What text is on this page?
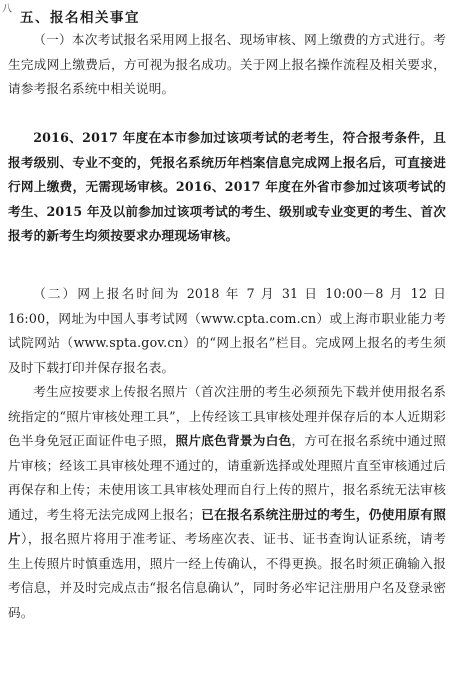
八
五、报名相关事宜

（一）本次考试报名采用网上报名、现场审核、网上缴费的方式进行。考生完成网上缴费后，方可视为报名成功。关于网上报名操作流程及相关要求，请参考报名系统中相关说明。

2016、2017 年度在本市参加过该项考试的老考生，符合报考条件，且报考级别、专业不变的，凭报名系统历年档案信息完成网上报名后，可直接进行网上缴费，无需现场审核。2016、2017 年度在外省市参加过该项考试的考生、2015 年及以前参加过该项考试的考生、级别或专业变更的考生、首次报考的新考生均须按要求办理现场审核。

（二）网上报名时间为 2018 年 7 月 31 日 10:00－8 月 12 日 16:00，网址为中国人事考试网（www.cpta.com.cn）或上海市职业能力考试院网站（www.spta.gov.cn）的“网上报名”栏目。完成网上报名的考生须及时下载打印并保存报名表。

考生应按要求上传报名照片（首次注册的考生必须预先下载并使用报名系统指定的“照片审核处理工具”，上传经该工具审核处理并保存后的本人近期彩色半身免冠正面证件电子照，照片底色背景为白色，方可在报名系统中通过照片审核；经该工具审核处理不通过的，请重新选择或处理照片直至审核通过后再保存和上传；未使用该工具审核处理而自行上传的照片，报名系统无法审核通过，考生将无法完成网上报名；已在报名系统注册过的考生，仍使用原有照片），报名照片将用于准考证、考场座次表、证书、证书查询认证系统，请考生上传照片时慎重选用，照片一经上传确认，不得更换。报名时须正确输入报考信息，并及时完成点击“报名信息确认”，同时务必牢记注册用户名及登录密码。
